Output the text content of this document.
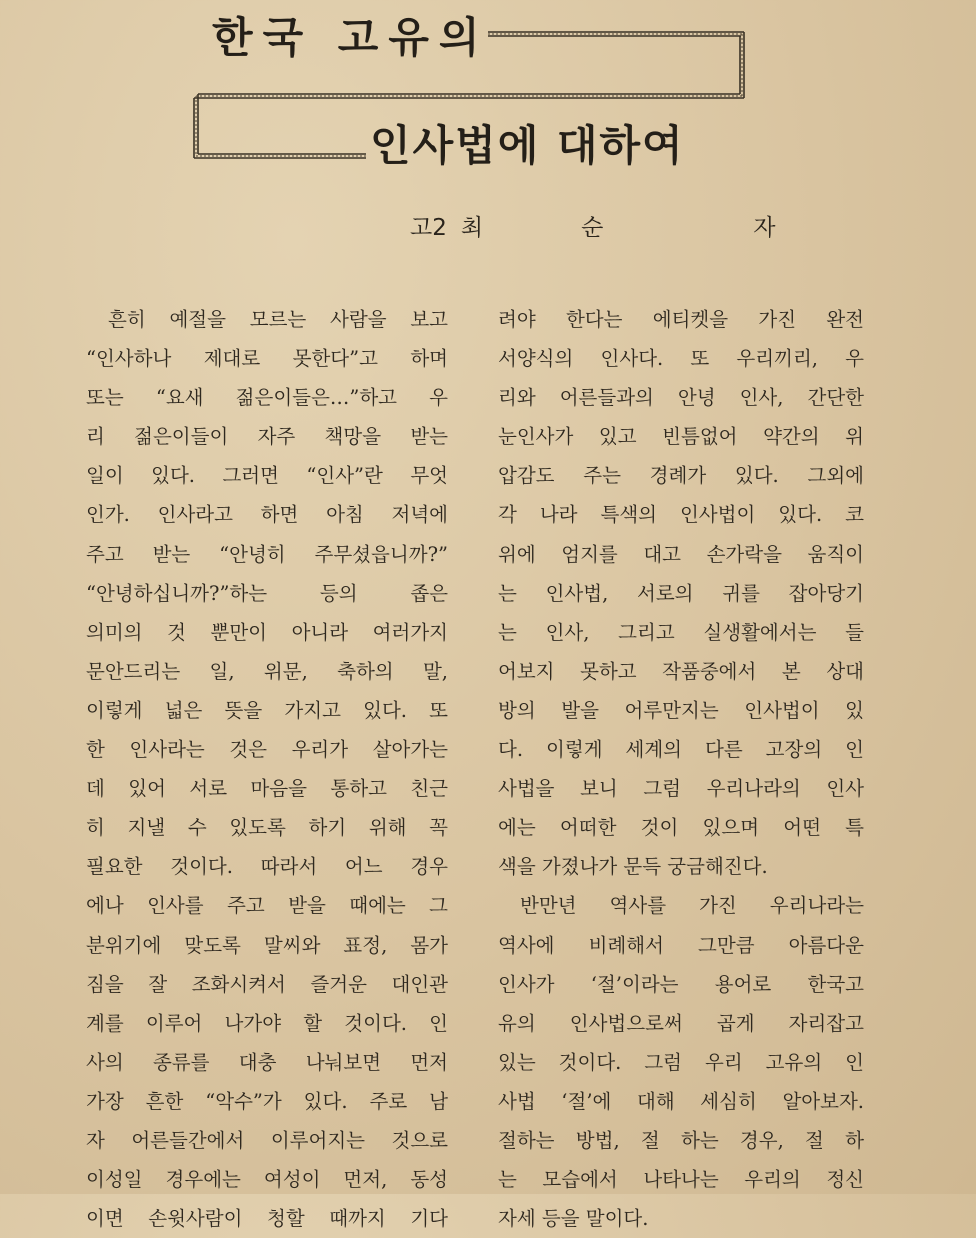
한국 고유의
인사법에 대하여
고2 최	순	자

흔히 예절을 모르는 사람을 보고

“인사하나 제대로 못한다”고 하며

또는 “요새 젊은이들은…”하고 우

리 젊은이들이 자주 책망을 받는

일이 있다. 그러면 “인사”란 무엇

인가. 인사라고 하면 아침 저녁에

주고 받는 “안녕히 주무셨읍니까?”

“안녕하십니까?”하는 등의 좁은

의미의 것 뿐만이 아니라 여러가지

문안드리는 일, 위문, 축하의 말,

이렇게 넓은 뜻을 가지고 있다. 또

한 인사라는 것은 우리가 살아가는

데 있어 서로 마음을 통하고 친근

히 지낼 수 있도록 하기 위해 꼭

필요한 것이다. 따라서 어느 경우

에나 인사를 주고 받을 때에는 그

분위기에 맞도록 말씨와 표정, 몸가

짐을 잘 조화시켜서 즐거운 대인관

계를 이루어 나가야 할 것이다. 인

사의 종류를 대충 나눠보면 먼저

가장 흔한 “악수”가 있다. 주로 남

자 어른들간에서 이루어지는 것으로

이성일 경우에는 여성이 먼저, 동성

이면 손윗사람이 청할 때까지 기다

려야 한다는 에티켓을 가진 완전

서양식의 인사다. 또 우리끼리, 우

리와 어른들과의 안녕 인사, 간단한

눈인사가 있고 빈틈없어 약간의 위

압감도 주는 경례가 있다. 그외에

각 나라 특색의 인사법이 있다. 코

위에 엄지를 대고 손가락을 움직이

는 인사법, 서로의 귀를 잡아당기

는 인사, 그리고 실생활에서는 들

어보지 못하고 작품중에서 본 상대

방의 발을 어루만지는 인사법이 있

다. 이렇게 세계의 다른 고장의 인

사법을 보니 그럼 우리나라의 인사

에는 어떠한 것이 있으며 어떤 특

색을 가졌나가 문득 궁금해진다.

반만년 역사를 가진 우리나라는

역사에 비례해서 그만큼 아름다운

인사가 ‘절’이라는 용어로 한국고

유의 인사법으로써 곱게 자리잡고

있는 것이다. 그럼 우리 고유의 인

사법 ‘절’에 대해 세심히 알아보자.

절하는 방법, 절 하는 경우, 절 하

는 모습에서 나타나는 우리의 정신

자세 등을 말이다.
